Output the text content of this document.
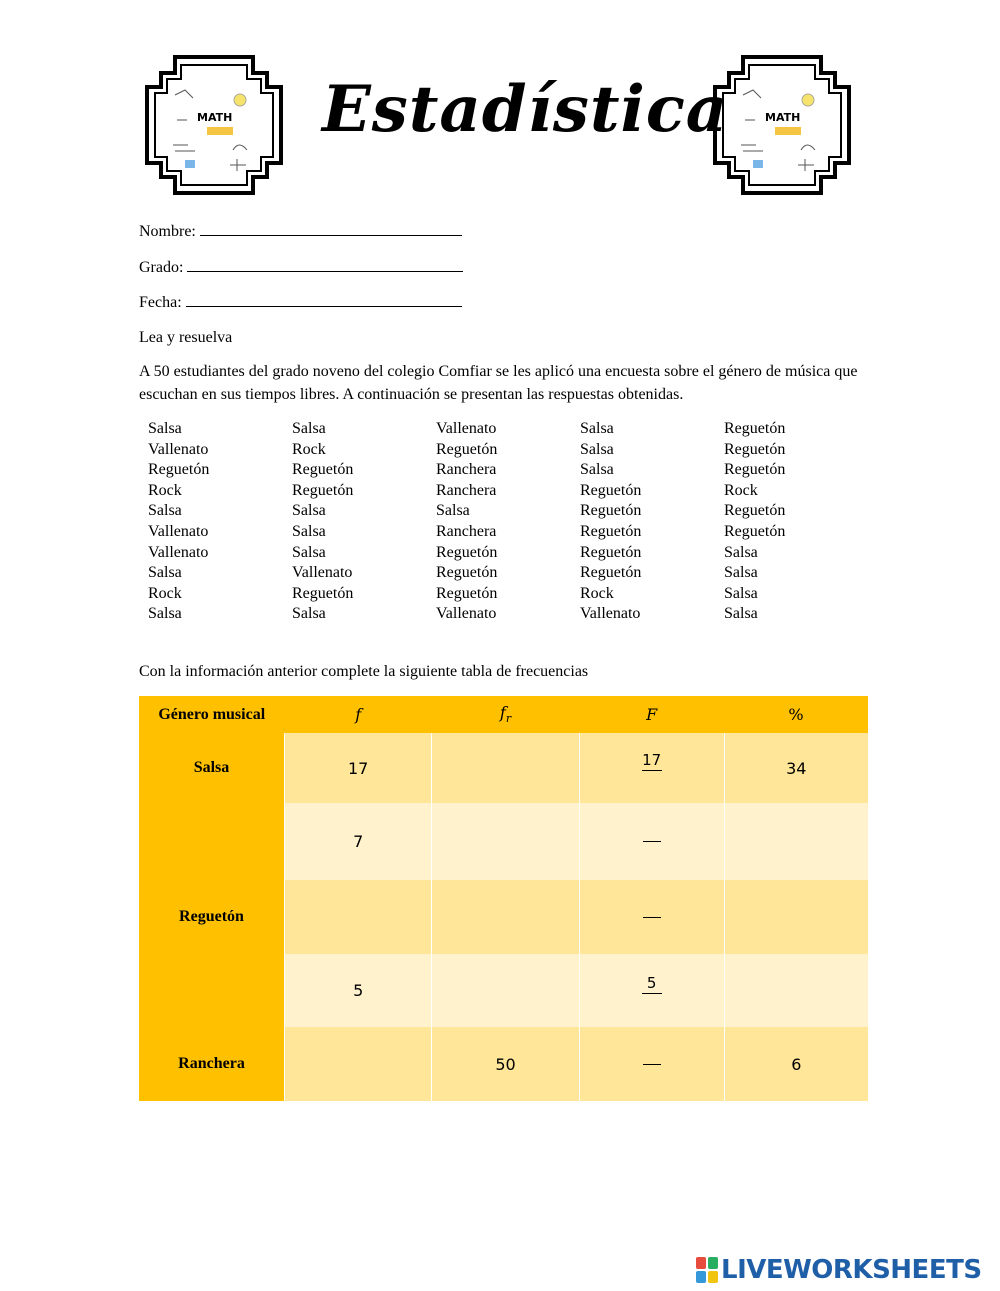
MATH	MATH
Estadística
Nombre:
Grado:
Fecha:
Lea y resuelva
A 50 estudiantes del grado noveno del colegio Comfiar se les aplicó una encuesta sobre el género de música que escuchan en sus tiempos libres. A continuación se presentan las respuestas obtenidas.
Salsa	Salsa	Vallenato	Salsa	Reguetón
Vallenato	Rock	Reguetón	Salsa	Reguetón
Reguetón	Reguetón	Ranchera	Salsa	Reguetón
Rock	Reguetón	Ranchera	Reguetón	Rock
Salsa	Salsa	Salsa	Reguetón	Reguetón
Vallenato	Salsa	Ranchera	Reguetón	Reguetón
Vallenato	Salsa	Reguetón	Reguetón	Salsa
Salsa	Vallenato	Reguetón	Reguetón	Salsa
Rock	Reguetón	Reguetón	Rock	Salsa
Salsa	Salsa	Vallenato	Vallenato	Salsa
Con la información anterior complete la siguiente tabla de frecuencias
Género musical	f	$f_r$	F	%
Salsa	17		17	34
	7			
Reguetón				
	5		5	

Ranchera		50		6
LIVEWORKSHEETS
